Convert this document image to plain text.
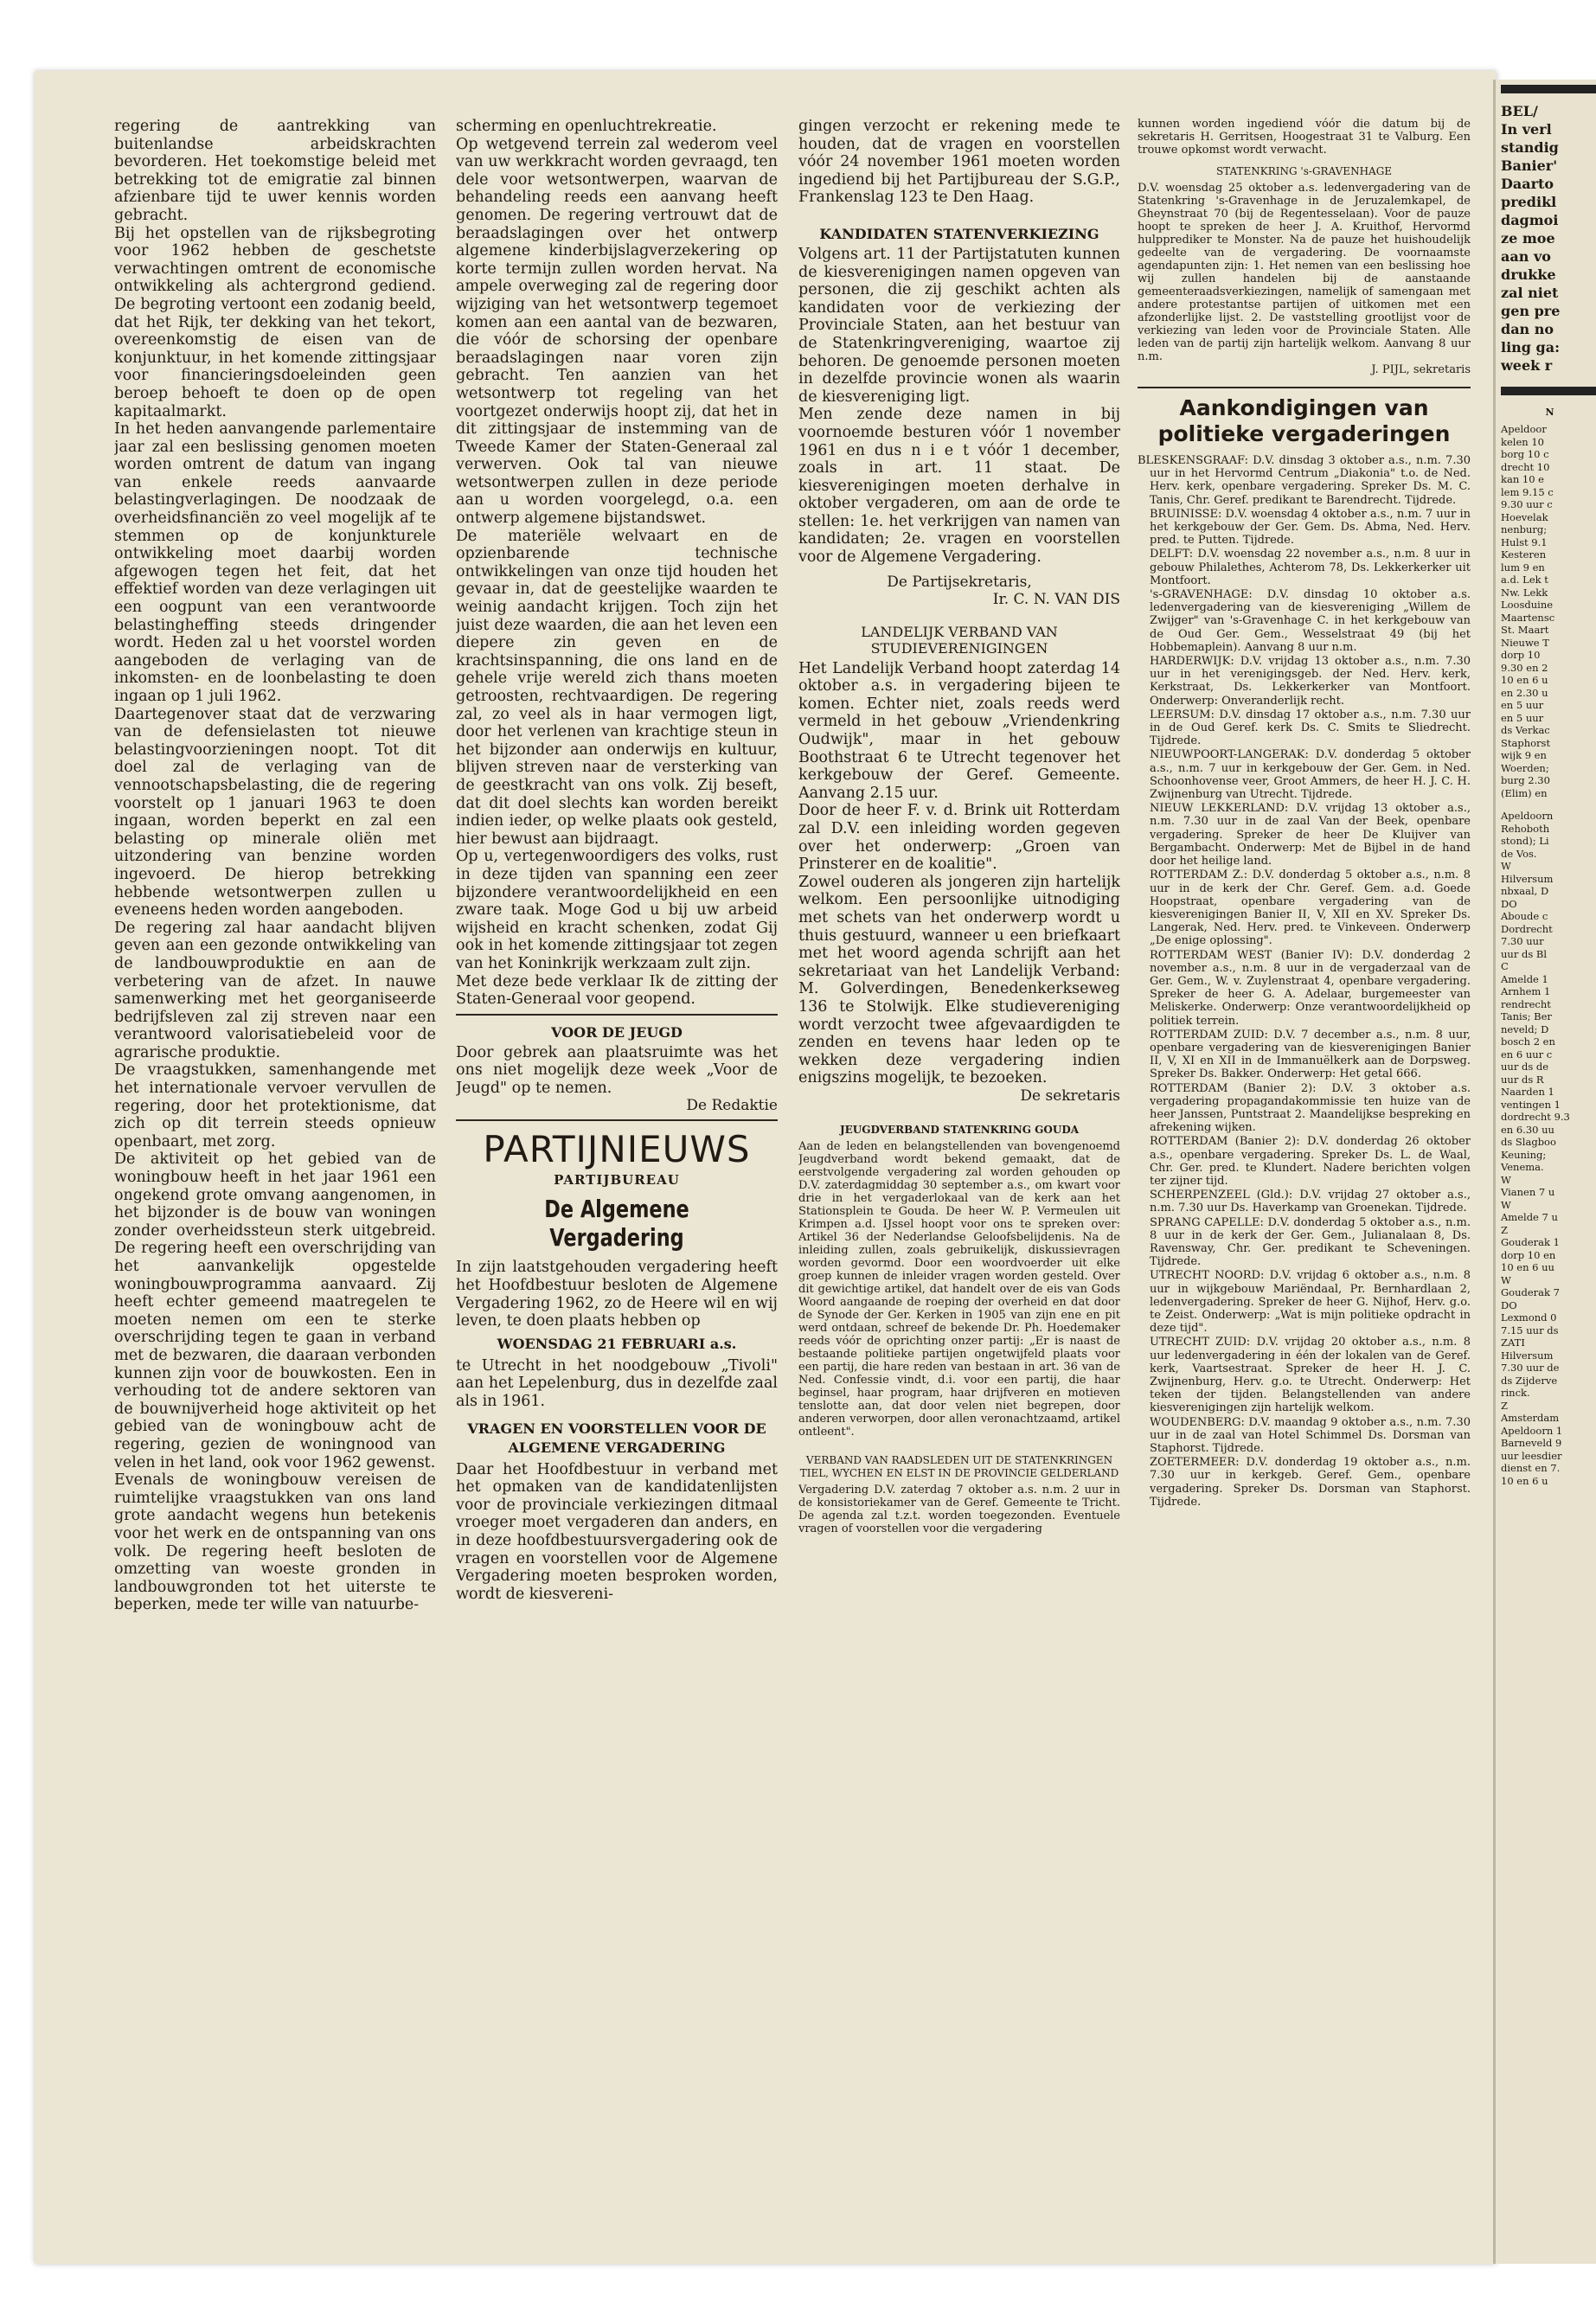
regering de aantrekking van buitenlandse arbeidskrachten bevorderen. Het toekomstige beleid met betrekking tot de emigratie zal binnen afzienbare tijd te uwer kennis worden gebracht.

Bij het opstellen van de rijksbegroting voor 1962 hebben de geschetste verwachtingen omtrent de economische ontwikkeling als achtergrond gediend. De begroting vertoont een zodanig beeld, dat het Rijk, ter dekking van het tekort, overeenkomstig de eisen van de konjunktuur, in het komende zittingsjaar voor financieringsdoeleinden geen beroep behoeft te doen op de open kapitaalmarkt.

In het heden aanvangende parlementaire jaar zal een beslissing genomen moeten worden omtrent de datum van ingang van enkele reeds aanvaarde belastingverlagingen. De noodzaak de overheidsfinanciën zo veel mogelijk af te stemmen op de konjunkturele ontwikkeling moet daarbij worden afgewogen tegen het feit, dat het effektief worden van deze verlagingen uit een oogpunt van een verantwoorde belastingheffing steeds dringender wordt. Heden zal u het voorstel worden aangeboden de verlaging van de inkomsten- en de loonbelasting te doen ingaan op 1 juli 1962.

Daartegenover staat dat de verzwaring van de defensielasten tot nieuwe belastingvoorzieningen noopt. Tot dit doel zal de verlaging van de vennootschapsbelasting, die de regering voorstelt op 1 januari 1963 te doen ingaan, worden beperkt en zal een belasting op minerale oliën met uitzondering van benzine worden ingevoerd. De hierop betrekking hebbende wetsontwerpen zullen u eveneens heden worden aangeboden.

De regering zal haar aandacht blijven geven aan een gezonde ontwikkeling van de landbouwproduktie en aan de verbetering van de afzet. In nauwe samenwerking met het georganiseerde bedrijfsleven zal zij streven naar een verantwoord valorisatiebeleid voor de agrarische produktie.

De vraagstukken, samenhangende met het internationale vervoer vervullen de regering, door het protektionisme, dat zich op dit terrein steeds opnieuw openbaart, met zorg.

De aktiviteit op het gebied van de woningbouw heeft in het jaar 1961 een ongekend grote omvang aangenomen, in het bijzonder is de bouw van woningen zonder overheidssteun sterk uitgebreid. De regering heeft een overschrijding van het aanvankelijk opgestelde woningbouwprogramma aanvaard. Zij heeft echter gemeend maatregelen te moeten nemen om een te sterke overschrijding tegen te gaan in verband met de bezwaren, die daaraan verbonden kunnen zijn voor de bouwkosten. Een in verhouding tot de andere sektoren van de bouwnijverheid hoge aktiviteit op het gebied van de woningbouw acht de regering, gezien de woningnood van velen in het land, ook voor 1962 gewenst.

Evenals de woningbouw vereisen de ruimtelijke vraagstukken van ons land grote aandacht wegens hun betekenis voor het werk en de ontspanning van ons volk. De regering heeft besloten de omzetting van woeste gronden in landbouwgronden tot het uiterste te beperken, mede ter wille van natuurbe-

scherming en openluchtrekreatie.

Op wetgevend terrein zal wederom veel van uw werkkracht worden gevraagd, ten dele voor wetsontwerpen, waarvan de behandeling reeds een aanvang heeft genomen. De regering vertrouwt dat de beraadslagingen over het ontwerp algemene kinderbijslagverzekering op korte termijn zullen worden hervat. Na ampele overweging zal de regering door wijziging van het wetsontwerp tegemoet komen aan een aantal van de bezwaren, die vóór de schorsing der openbare beraadslagingen naar voren zijn gebracht. Ten aanzien van het wetsontwerp tot regeling van het voortgezet onderwijs hoopt zij, dat het in dit zittingsjaar de instemming van de Tweede Kamer der Staten-Generaal zal verwerven. Ook tal van nieuwe wetsontwerpen zullen in deze periode aan u worden voorgelegd, o.a. een ontwerp algemene bijstandswet.

De materiële welvaart en de opzienbarende technische ontwikkelingen van onze tijd houden het gevaar in, dat de geestelijke waarden te weinig aandacht krijgen. Toch zijn het juist deze waarden, die aan het leven een diepere zin geven en de krachtsinspanning, die ons land en de gehele vrije wereld zich thans moeten getroosten, rechtvaardigen. De regering zal, zo veel als in haar vermogen ligt, door het verlenen van krachtige steun in het bijzonder aan onderwijs en kultuur, blijven streven naar de versterking van de geestkracht van ons volk. Zij beseft, dat dit doel slechts kan worden bereikt indien ieder, op welke plaats ook gesteld, hier bewust aan bijdraagt.

Op u, vertegenwoordigers des volks, rust in deze tijden van spanning een zeer bijzondere verantwoordelijkheid en een zware taak. Moge God u bij uw arbeid wijsheid en kracht schenken, zodat Gij ook in het komende zittingsjaar tot zegen van het Koninkrijk werkzaam zult zijn.

Met deze bede verklaar Ik de zitting der Staten-Generaal voor geopend.

VOOR DE JEUGD

Door gebrek aan plaatsruimte was het ons niet mogelijk deze week „Voor de Jeugd" op te nemen.

De Redaktie
PARTIJNIEUWS
PARTIJBUREAU
De Algemene Vergadering

In zijn laatstgehouden vergadering heeft het Hoofdbestuur besloten de Algemene Vergadering 1962, zo de Heere wil en wij leven, te doen plaats hebben op

WOENSDAG 21 FEBRUARI a.s.

te Utrecht in het noodgebouw „Tivoli" aan het Lepelenburg, dus in dezelfde zaal als in 1961.

VRAGEN EN VOORSTELLEN VOOR DE ALGEMENE VERGADERING

Daar het Hoofdbestuur in verband met het opmaken van de kandidatenlijsten voor de provinciale verkiezingen ditmaal vroeger moet vergaderen dan anders, en in deze hoofdbestuursvergadering ook de vragen en voorstellen voor de Algemene Vergadering moeten besproken worden, wordt de kiesvereni-

gingen verzocht er rekening mede te houden, dat de vragen en voorstellen vóór 24 november 1961 moeten worden ingediend bij het Partijbureau der S.G.P., Frankenslag 123 te Den Haag.

KANDIDATEN STATENVERKIEZING

Volgens art. 11 der Partijstatuten kunnen de kiesverenigingen namen opgeven van personen, die zij geschikt achten als kandidaten voor de verkiezing der Provinciale Staten, aan het bestuur van de Statenkringvereniging, waartoe zij behoren. De genoemde personen moeten in dezelfde provincie wonen als waarin de kiesvereniging ligt.

Men zende deze namen in bij voornoemde besturen vóór 1 november 1961 en dus n i e t vóór 1 december, zoals in art. 11 staat. De kiesverenigingen moeten derhalve in oktober vergaderen, om aan de orde te stellen: 1e. het verkrijgen van namen van kandidaten; 2e. vragen en voorstellen voor de Algemene Vergadering.

De Partijsekretaris,
Ir. C. N. VAN DIS
LANDELIJK VERBAND VAN STUDIEVERENIGINGEN

Het Landelijk Verband hoopt zaterdag 14 oktober a.s. in vergadering bijeen te komen. Echter niet, zoals reeds werd vermeld in het gebouw „Vriendenkring Oudwijk", maar in het gebouw Boothstraat 6 te Utrecht tegenover het kerkgebouw der Geref. Gemeente. Aanvang 2.15 uur.

Door de heer F. v. d. Brink uit Rotterdam zal D.V. een inleiding worden gegeven over het onderwerp: „Groen van Prinsterer en de koalitie".

Zowel ouderen als jongeren zijn hartelijk welkom. Een persoonlijke uitnodiging met schets van het onderwerp wordt u thuis gestuurd, wanneer u een briefkaart met het woord agenda schrijft aan het sekretariaat van het Landelijk Verband: M. Golverdingen, Benedenkerkseweg 136 te Stolwijk. Elke studievereniging wordt verzocht twee afgevaardigden te zenden en tevens haar leden op te wekken deze vergadering indien enigszins mogelijk, te bezoeken.

De sekretaris
JEUGDVERBAND STATENKRING GOUDA
Aan de leden en belangstellenden van bovengenoemd Jeugdverband wordt bekend gemaakt, dat de eerstvolgende vergadering zal worden gehouden op D.V. zaterdagmiddag 30 september a.s., om kwart voor drie in het vergaderlokaal van de kerk aan het Stationsplein te Gouda. De heer W. P. Vermeulen uit Krimpen a.d. IJssel hoopt voor ons te spreken over: Artikel 36 der Nederlandse Geloofsbelijdenis. Na de inleiding zullen, zoals gebruikelijk, diskussievragen worden gevormd. Door een woordvoerder uit elke groep kunnen de inleider vragen worden gesteld. Over dit gewichtige artikel, dat handelt over de eis van Gods Woord aangaande de roeping der overheid en dat door de Synode der Ger. Kerken in 1905 van zijn ene en pit werd ontdaan, schreef de bekende Dr. Ph. Hoedemaker reeds vóór de oprichting onzer partij: „Er is naast de bestaande politieke partijen ongetwijfeld plaats voor een partij, die hare reden van bestaan in art. 36 van de Ned. Confessie vindt, d.i. voor een partij, die haar beginsel, haar program, haar drijfveren en motieven tenslotte aan, dat door velen niet begrepen, door anderen verworpen, door allen veronachtzaamd, artikel ontleent".
VERBAND VAN RAADSLEDEN UIT DE STATENKRINGEN TIEL, WYCHEN EN ELST IN DE PROVINCIE GELDERLAND
Vergadering D.V. zaterdag 7 oktober a.s. n.m. 2 uur in de konsistoriekamer van de Geref. Gemeente te Tricht. De agenda zal t.z.t. worden toegezonden. Eventuele vragen of voorstellen voor die vergadering
kunnen worden ingediend vóór die datum bij de sekretaris H. Gerritsen, Hoogestraat 31 te Valburg. Een trouwe opkomst wordt verwacht.
STATENKRING 's-GRAVENHAGE
D.V. woensdag 25 oktober a.s. ledenvergadering van de Statenkring 's-Gravenhage in de Jeruzalemkapel, de Gheynstraat 70 (bij de Regentesselaan). Voor de pauze hoopt te spreken de heer J. A. Kruithof, Hervormd hulpprediker te Monster. Na de pauze het huishoudelijk gedeelte van de vergadering. De voornaamste agendapunten zijn: 1. Het nemen van een beslissing hoe wij zullen handelen bij de aanstaande gemeenteraadsverkiezingen, namelijk of samengaan met andere protestantse partijen of uitkomen met een afzonderlijke lijst. 2. De vaststelling grootlijst voor de verkiezing van leden voor de Provinciale Staten. Alle leden van de partij zijn hartelijk welkom. Aanvang 8 uur n.m.
J. PIJL, sekretaris
Aankondigingen van politieke vergaderingen

BLESKENSGRAAF: D.V. dinsdag 3 oktober a.s., n.m. 7.30 uur in het Hervormd Centrum „Diakonia" t.o. de Ned. Herv. kerk, openbare vergadering. Spreker Ds. M. C. Tanis, Chr. Geref. predikant te Barendrecht. Tijdrede.

BRUINISSE: D.V. woensdag 4 oktober a.s., n.m. 7 uur in het kerkgebouw der Ger. Gem. Ds. Abma, Ned. Herv. pred. te Putten. Tijdrede.

DELFT: D.V. woensdag 22 november a.s., n.m. 8 uur in gebouw Philalethes, Achterom 78, Ds. Lekkerkerker uit Montfoort.

's-GRAVENHAGE: D.V. dinsdag 10 oktober a.s. ledenvergadering van de kiesvereniging „Willem de Zwijger" van 's-Gravenhage C. in het kerkgebouw van de Oud Ger. Gem., Wesselstraat 49 (bij het Hobbemaplein). Aanvang 8 uur n.m.

HARDERWIJK: D.V. vrijdag 13 oktober a.s., n.m. 7.30 uur in het verenigingsgeb. der Ned. Herv. kerk, Kerkstraat, Ds. Lekkerkerker van Montfoort. Onderwerp: Onveranderlijk recht.

LEERSUM: D.V. dinsdag 17 oktober a.s., n.m. 7.30 uur in de Oud Geref. kerk Ds. C. Smits te Sliedrecht. Tijdrede.

NIEUWPOORT-LANGERAK: D.V. donderdag 5 oktober a.s., n.m. 7 uur in kerkgebouw der Ger. Gem. in Ned. Schoonhovense veer, Groot Ammers, de heer H. J. C. H. Zwijnenburg van Utrecht. Tijdrede.

NIEUW LEKKERLAND: D.V. vrijdag 13 oktober a.s., n.m. 7.30 uur in de zaal Van der Beek, openbare vergadering. Spreker de heer De Kluijver van Bergambacht. Onderwerp: Met de Bijbel in de hand door het heilige land.

ROTTERDAM Z.: D.V. donderdag 5 oktober a.s., n.m. 8 uur in de kerk der Chr. Geref. Gem. a.d. Goede Hoopstraat, openbare vergadering van de kiesverenigingen Banier II, V, XII en XV. Spreker Ds. Langerak, Ned. Herv. pred. te Vinkeveen. Onderwerp „De enige oplossing".

ROTTERDAM WEST (Banier IV): D.V. donderdag 2 november a.s., n.m. 8 uur in de vergaderzaal van de Ger. Gem., W. v. Zuylenstraat 4, openbare vergadering. Spreker de heer G. A. Adelaar, burgemeester van Meliskerke. Onderwerp: Onze verantwoordelijkheid op politiek terrein.

ROTTERDAM ZUID: D.V. 7 december a.s., n.m. 8 uur, openbare vergadering van de kiesverenigingen Banier II, V, XI en XII in de Immanuëlkerk aan de Dorpsweg. Spreker Ds. Bakker. Onderwerp: Het getal 666.

ROTTERDAM (Banier 2): D.V. 3 oktober a.s. vergadering propagandakommissie ten huize van de heer Janssen, Puntstraat 2. Maandelijkse bespreking en afrekening wijken.

ROTTERDAM (Banier 2): D.V. donderdag 26 oktober a.s., openbare vergadering. Spreker Ds. L. de Waal, Chr. Ger. pred. te Klundert. Nadere berichten volgen ter zijner tijd.

SCHERPENZEEL (Gld.): D.V. vrijdag 27 oktober a.s., n.m. 7.30 uur Ds. Haverkamp van Groenekan. Tijdrede.

SPRANG CAPELLE: D.V. donderdag 5 oktober a.s., n.m. 8 uur in de kerk der Ger. Gem., Julianalaan 8, Ds. Ravensway, Chr. Ger. predikant te Scheveningen. Tijdrede.

UTRECHT NOORD: D.V. vrijdag 6 oktober a.s., n.m. 8 uur in wijkgebouw Mariëndaal, Pr. Bernhardlaan 2, ledenvergadering. Spreker de heer G. Nijhof, Herv. g.o. te Zeist. Onderwerp: „Wat is mijn politieke opdracht in deze tijd".

UTRECHT ZUID: D.V. vrijdag 20 oktober a.s., n.m. 8 uur ledenvergadering in één der lokalen van de Geref. kerk, Vaartsestraat. Spreker de heer H. J. C. Zwijnenburg, Herv. g.o. te Utrecht. Onderwerp: Het teken der tijden. Belangstellenden van andere kiesverenigingen zijn hartelijk welkom.

WOUDENBERG: D.V. maandag 9 oktober a.s., n.m. 7.30 uur in de zaal van Hotel Schimmel Ds. Dorsman van Staphorst. Tijdrede.

ZOETERMEER: D.V. donderdag 19 oktober a.s., n.m. 7.30 uur in kerkgeb. Geref. Gem., openbare vergadering. Spreker Ds. Dorsman van Staphorst. Tijdrede.

BEL/
In verl
standig
Banier'
Daarto
predikl
dagmoi
ze moe
aan vo
drukke
zal niet
gen pre
dan no
ling ga:
week r
N
Apeldoor
kelen 10
borg 10 c
drecht 10
kan 10 e
lem 9.15 c
9.30 uur c
Hoevelak
nenburg;
Hulst 9.1
Kesteren
lum 9 en
a.d. Lek t
Nw. Lekk
Loosduine
Maartensc
St. Maart
Nieuwe T
dorp 10
9.30 en 2
10 en 6 u
en 2.30 u
en 5 uur
en 5 uur
ds Verkac
Staphorst
wijk 9 en
Woerden;
burg 2.30
(Elim) en
Apeldoorn
Rehoboth
stond); Li
de Vos.
W
Hilversum
nbxaal, D
DO
Aboude c
Dordrecht
7.30 uur
uur ds Bl
C
Amelde 1
Arnhem 1
rendrecht
Tanis; Ber
neveld; D
bosch 2 en
en 6 uur c
uur ds de
uur ds R
Naarden 1
ventingen 1
dordrecht 9.3
en 6.30 uu
ds Slagboo
Keuning;
Venema.
W
Vianen 7 u
W
Amelde 7 u
Z
Gouderak 1
dorp 10 en
10 en 6 uu
W
Gouderak 7
DO
Lexmond 0
7.15 uur ds
ZATI
Hilversum
7.30 uur de
ds Zijderve
rinck.
Z
Amsterdam
Apeldoorn 1
Barneveld 9
uur leesdier
dienst en 7.
10 en 6 u
